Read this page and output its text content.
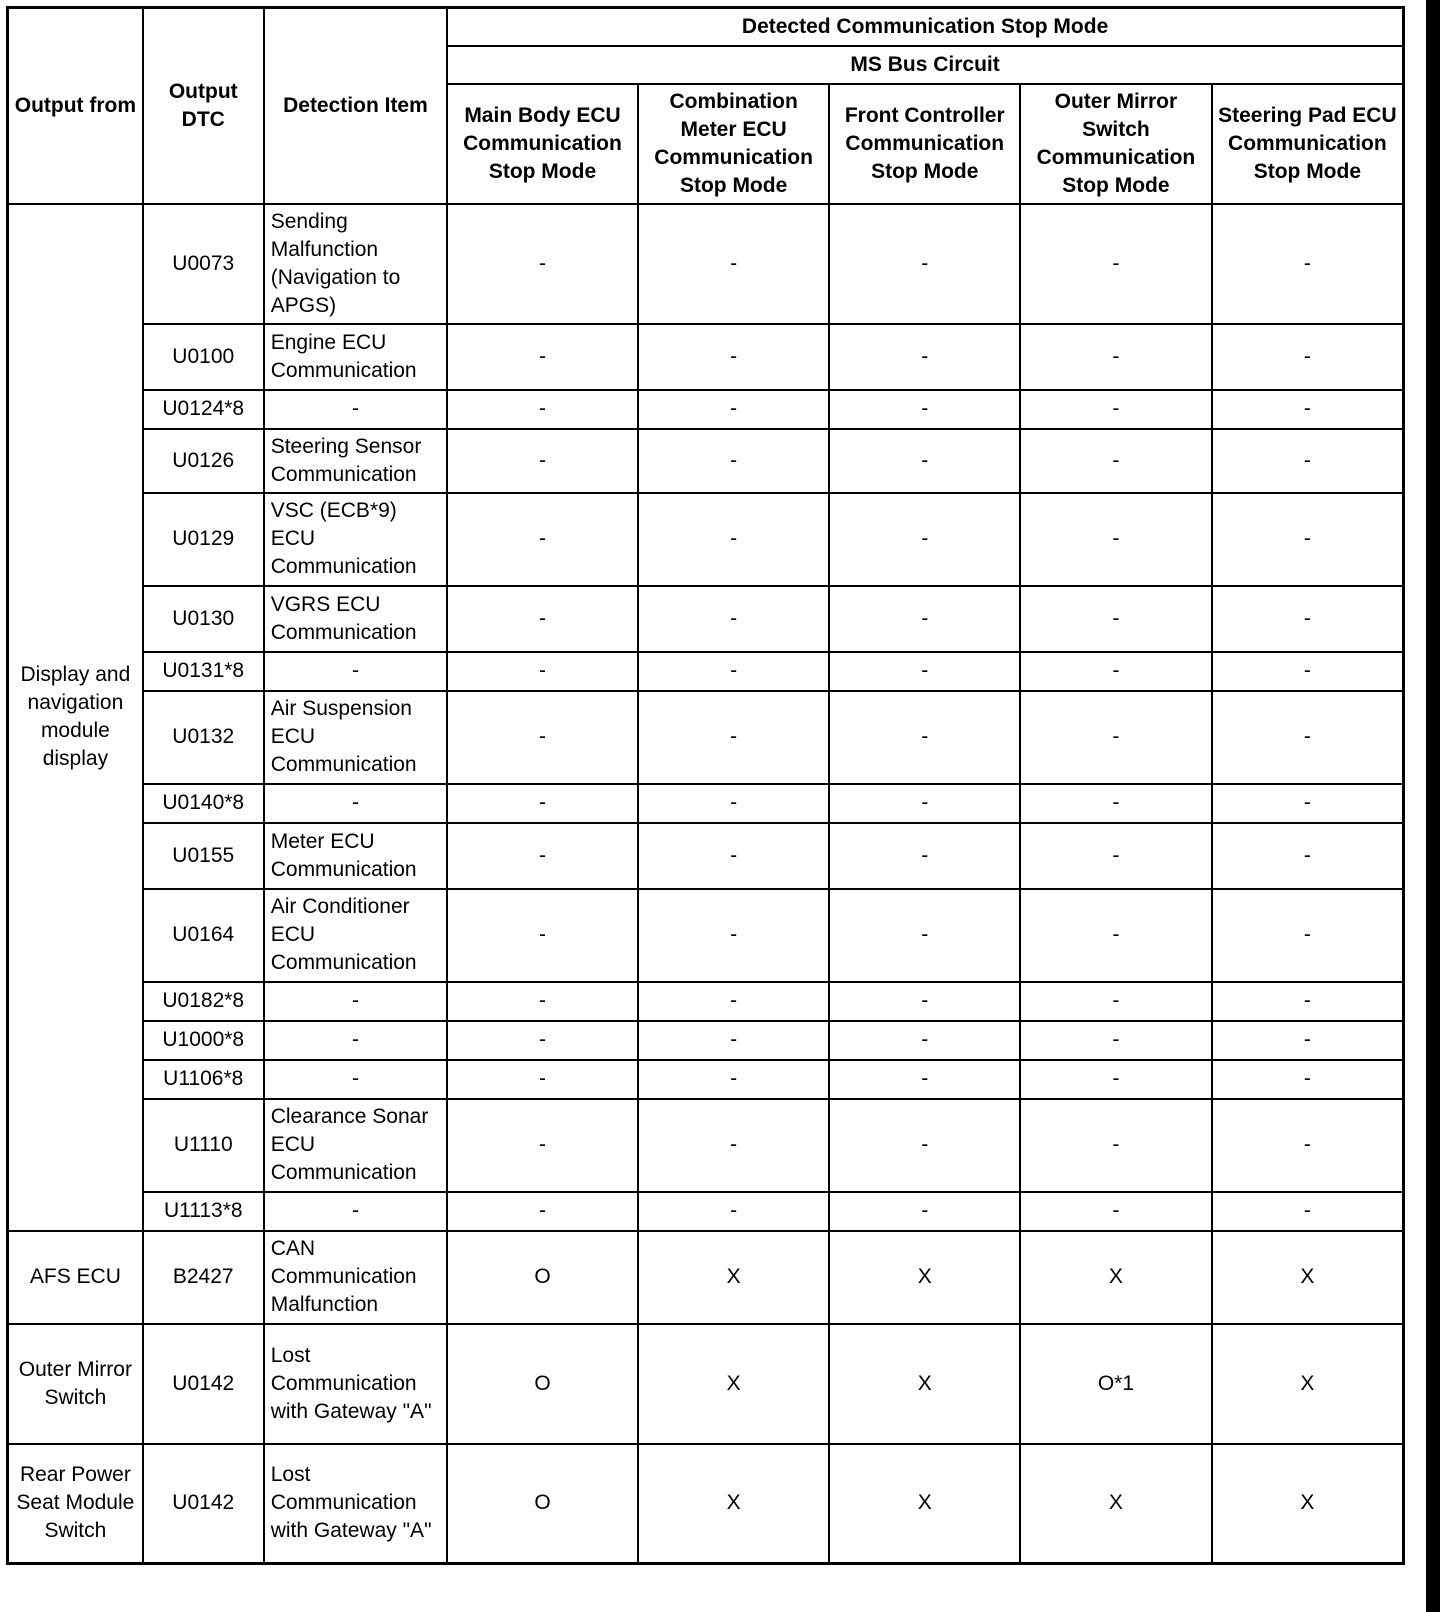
Output from	Output DTC	Detection Item	Detected Communication Stop Mode				
			MS Bus Circuit				
			Main Body ECU Communication Stop Mode	Combination Meter ECU Communication Stop Mode	Front Controller Communication Stop Mode	Outer Mirror Switch Communication Stop Mode	Steering Pad ECU Communication Stop Mode
Display and navigation module display	U0073	Sending Malfunction (Navigation to APGS)	-	-	-	-	-
	U0100	Engine ECU Communication	-	-	-	-	-
	U0124*8	-	-	-	-	-	-
	U0126	Steering Sensor Communication	-	-	-	-	-
	U0129	VSC (ECB*9) ECU Communication	-	-	-	-	-
	U0130	VGRS ECU Communication	-	-	-	-	-
	U0131*8	-	-	-	-	-	-
	U0132	Air Suspension ECU Communication	-	-	-	-	-
	U0140*8	-	-	-	-	-	-
	U0155	Meter ECU Communication	-	-	-	-	-
	U0164	Air Conditioner ECU Communication	-	-	-	-	-
	U0182*8	-	-	-	-	-	-
	U1000*8	-	-	-	-	-	-
	U1106*8	-	-	-	-	-	-
	U1110	Clearance Sonar ECU Communication	-	-	-	-	-
	U1113*8	-	-	-	-	-	-
AFS ECU	B2427	CAN Communication Malfunction	O	X	X	X	X
Outer Mirror Switch	U0142	Lost Communication with Gateway "A"	O	X	X	O*1	X
Rear Power Seat Module Switch	U0142	Lost Communication with Gateway "A"	O	X	X	X	X
